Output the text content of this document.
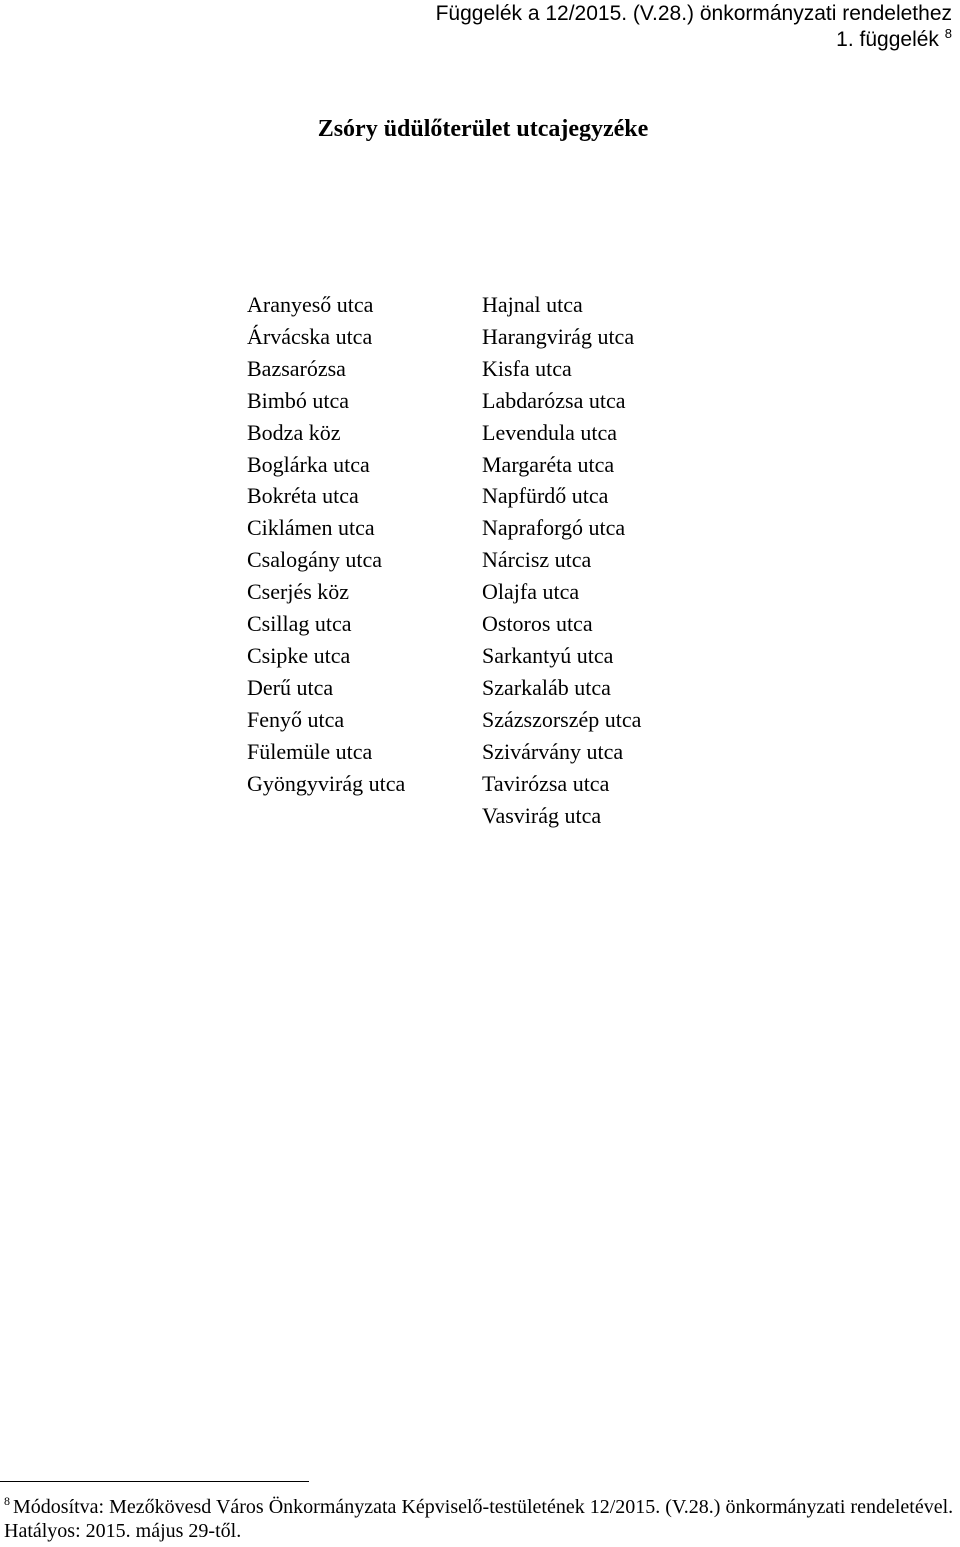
Függelék a 12/2015. (V.28.) önkormányzati rendelethez
1. függelék $^8$
Zsóry üdülőterület utcajegyzéke
Aranyeső utca
Árvácska utca
Bazsarózsa
Bimbó utca
Bodza köz
Boglárka utca
Bokréta utca
Ciklámen utca
Csalogány utca
Cserjés köz
Csillag utca
Csipke utca
Derű utca
Fenyő utca
Fülemüle utca
Gyöngyvirág utca
Hajnal utca
Harangvirág utca
Kisfa utca
Labdarózsa utca
Levendula utca
Margaréta utca
Napfürdő utca
Napraforgó utca
Nárcisz utca
Olajfa utca
Ostoros utca
Sarkantyú utca
Szarkaláb utca
Százszorszép utca
Szivárvány utca
Tavirózsa utca
Vasvirág utca
$^8$ Módosítva: Mezőkövesd Város Önkormányzata Képviselő-testületének 12/2015. (V.28.) önkormányzati rendeletével. Hatályos: 2015. május 29-től.
